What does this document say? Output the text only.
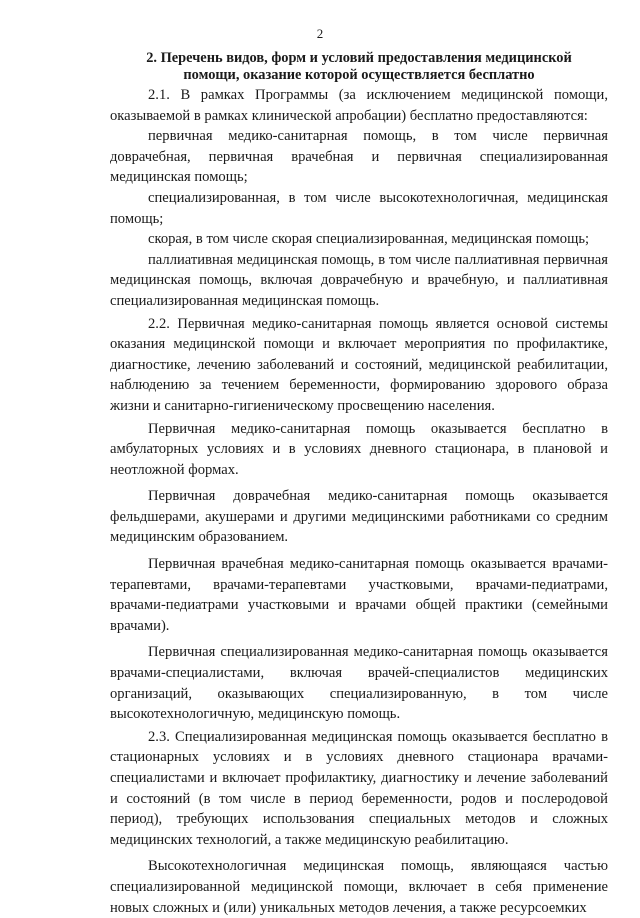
2
2. Перечень видов, форм и условий предоставления медицинской
помощи, оказание которой осуществляется бесплатно

2.1. В рамках Программы (за исключением медицинской помощи, оказываемой в рамках клинической апробации) бесплатно предоставляются:

первичная медико-санитарная помощь, в том числе первичная доврачебная, первичная врачебная и первичная специализированная медицинская помощь;

специализированная, в том числе высокотехнологичная, медицинская помощь;

скорая, в том числе скорая специализированная, медицинская помощь;

паллиативная медицинская помощь, в том числе паллиативная первичная медицинская помощь, включая доврачебную и врачебную, и паллиативная специализированная медицинская помощь.

2.2. Первичная медико-санитарная помощь является основой системы оказания медицинской помощи и включает мероприятия по профилактике, диагностике, лечению заболеваний и состояний, медицинской реабилитации, наблюдению за течением беременности, формированию здорового образа жизни и санитарно-гигиеническому просвещению населения.

Первичная медико-санитарная помощь оказывается бесплатно в амбулаторных условиях и в условиях дневного стационара, в плановой и неотложной формах.

Первичная доврачебная медико-санитарная помощь оказывается фельдшерами, акушерами и другими медицинскими работниками со средним медицинским образованием.

Первичная врачебная медико-санитарная помощь оказывается врачами-терапевтами, врачами-терапевтами участковыми, врачами-педиатрами, врачами-педиатрами участковыми и врачами общей практики (семейными врачами).

Первичная специализированная медико-санитарная помощь оказывается врачами-специалистами, включая врачей-специалистов медицинских организаций, оказывающих специализированную, в том числе высокотехнологичную, медицинскую помощь.

2.3. Специализированная медицинская помощь оказывается бесплатно в стационарных условиях и в условиях дневного стационара врачами-специалистами и включает профилактику, диагностику и лечение заболеваний и состояний (в том числе в период беременности, родов и послеродовой период), требующих использования специальных методов и сложных медицинских технологий, а также медицинскую реабилитацию.

Высокотехнологичная медицинская помощь, являющаяся частью специализированной медицинской помощи, включает в себя применение новых сложных и (или) уникальных методов лечения, а также ресурсоемких
